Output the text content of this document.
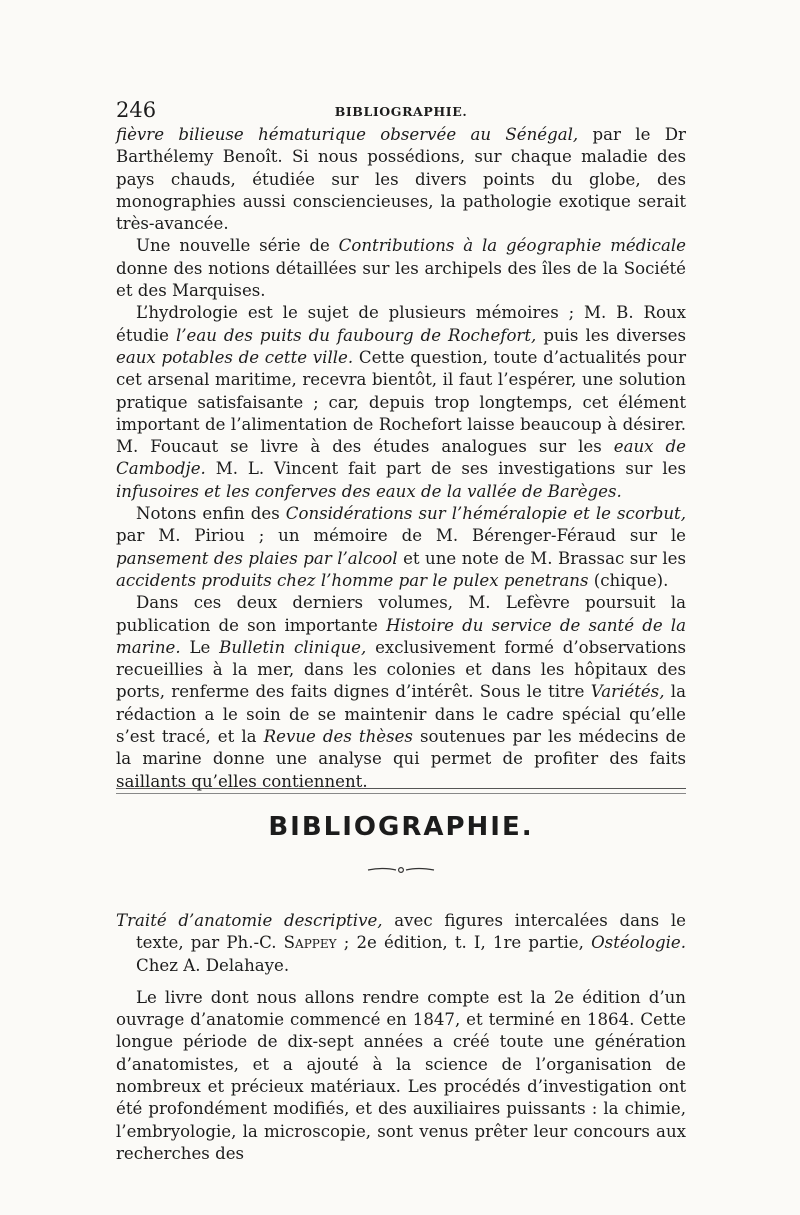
246	BIBLIOGRAPHIE.

fièvre bilieuse hématurique observée au Sénégal, par le Dr Barthélemy Benoît. Si nous possédions, sur chaque maladie des pays chauds, étudiée sur les divers points du globe, des monographies aussi consciencieuses, la pathologie exotique serait très-avancée.

Une nouvelle série de Contributions à la géographie médicale donne des notions détaillées sur les archipels des îles de la Société et des Marquises.

L’hydrologie est le sujet de plusieurs mémoires ; M. B. Roux étudie l’eau des puits du faubourg de Rochefort, puis les diverses eaux potables de cette ville. Cette question, toute d’actualités pour cet arsenal maritime, recevra bientôt, il faut l’espérer, une solution pratique satisfaisante ; car, depuis trop longtemps, cet élément important de l’alimentation de Rochefort laisse beaucoup à désirer. M. Foucaut se livre à des études analogues sur les eaux de Cambodje. M. L. Vincent fait part de ses investigations sur les infusoires et les conferves des eaux de la vallée de Barèges.

Notons enfin des Considérations sur l’héméralopie et le scorbut, par M. Piriou ; un mémoire de M. Bérenger-Féraud sur le pansement des plaies par l’alcool et une note de M. Brassac sur les accidents produits chez l’homme par le pulex penetrans (chique).

Dans ces deux derniers volumes, M. Lefèvre poursuit la publication de son importante Histoire du service de santé de la marine. Le Bulletin clinique, exclusivement formé d’observations recueillies à la mer, dans les colonies et dans les hôpitaux des ports, renferme des faits dignes d’intérêt. Sous le titre Variétés, la rédaction a le soin de se maintenir dans le cadre spécial qu’elle s’est tracé, et la Revue des thèses soutenues par les médecins de la marine donne une analyse qui permet de profiter des faits saillants qu’elles contiennent.

BIBLIOGRAPHIE.

Traité d’anatomie descriptive, avec figures intercalées dans le texte, par Ph.-C. Sappey ; 2e édition, t. I, 1re partie, Ostéologie. Chez A. Delahaye.

Le livre dont nous allons rendre compte est la 2e édition d’un ouvrage d’anatomie commencé en 1847, et terminé en 1864. Cette longue période de dix-sept années a créé toute une génération d’anatomistes, et a ajouté à la science de l’organisation de nombreux et précieux matériaux. Les procédés d’investigation ont été profondément modifiés, et des auxiliaires puissants : la chimie, l’embryologie, la microscopie, sont venus prêter leur concours aux recherches des
